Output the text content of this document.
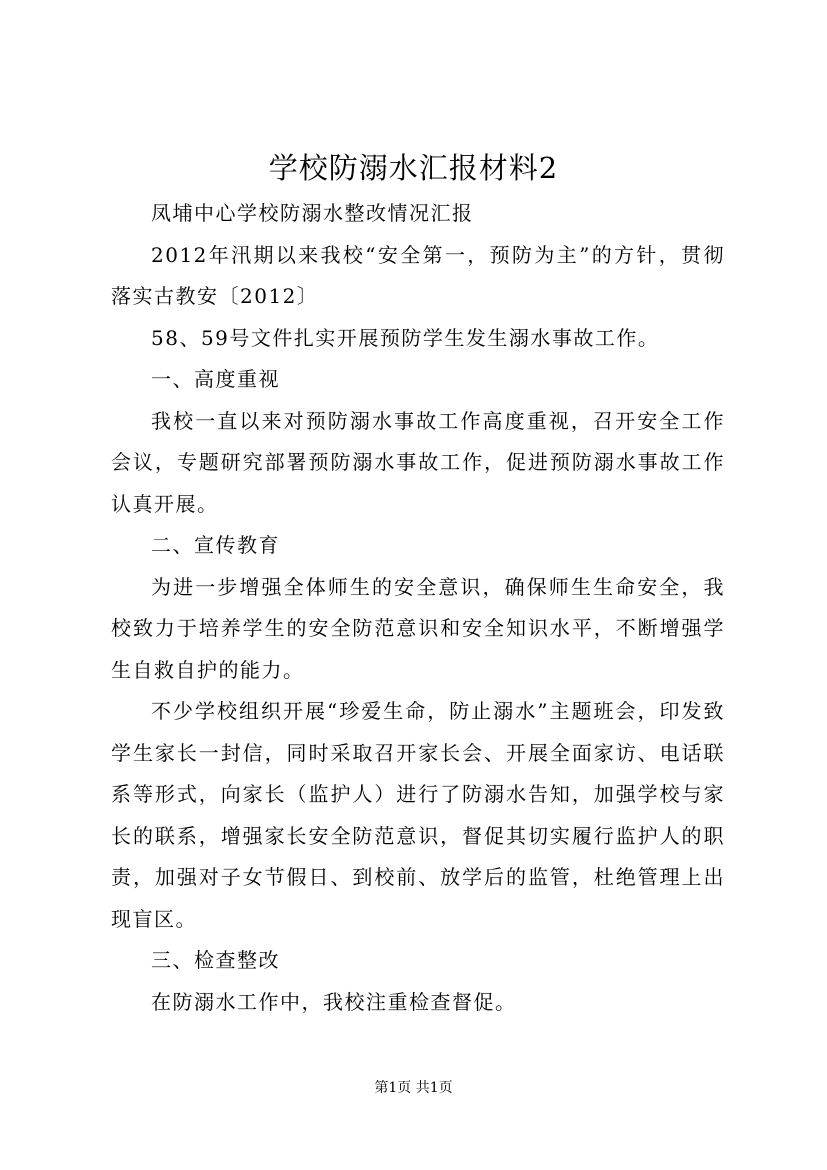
学校防溺水汇报材料2

凤埔中心学校防溺水整改情况汇报

2012年汛期以来我校“安全第一，预防为主”的方针，贯彻落实古教安〔2012〕

58、59号文件扎实开展预防学生发生溺水事故工作。

一、高度重视

我校一直以来对预防溺水事故工作高度重视，召开安全工作会议，专题研究部署预防溺水事故工作，促进预防溺水事故工作认真开展。

二、宣传教育

为进一步增强全体师生的安全意识，确保师生生命安全，我校致力于培养学生的安全防范意识和安全知识水平，不断增强学生自救自护的能力。

不少学校组织开展“珍爱生命，防止溺水”主题班会，印发致学生家长一封信，同时采取召开家长会、开展全面家访、电话联系等形式，向家长（监护人）进行了防溺水告知，加强学校与家长的联系，增强家长安全防范意识，督促其切实履行监护人的职责，加强对子女节假日、到校前、放学后的监管，杜绝管理上出现盲区。

三、检查整改

在防溺水工作中，我校注重检查督促。

第1页 共1页
